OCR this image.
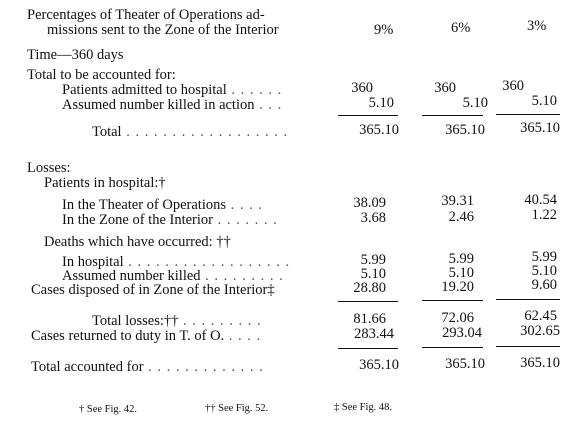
Percentages of Theater of Operations ad-
missions sent to the Zone of the Interior	9%	6%	3%
Time—360 days
Total to be accounted for:
Patients admitted to hospital . . . . . .	360	360	360
Assumed number killed in action . . .	5.10	5.10	5.10
Total . . . . . . . . . . . . . . . . . .	365.10	365.10	365.10
Losses:
Patients in hospital:†
In the Theater of Operations . . . .	38.09	39.31	40.54
In the Zone of the Interior . . . . . . .	3.68	2.46	1.22
Deaths which have occurred: ††
In hospital . . . . . . . . . . . . . . . . . .	5.99	5.99	5.99
Assumed number killed . . . . . . . . .	5.10	5.10	5.10
Cases disposed of in Zone of the Interior‡	28.80	19.20	9.60
Total losses:†† . . . . . . . . .	81.66	72.06	62.45
Cases returned to duty in T. of O. . . . .	283.44	293.04	302.65
Total accounted for . . . . . . . . . . . . .	365.10	365.10	365.10
† See Fig. 42.	†† See Fig. 52.	‡ See Fig. 48.
